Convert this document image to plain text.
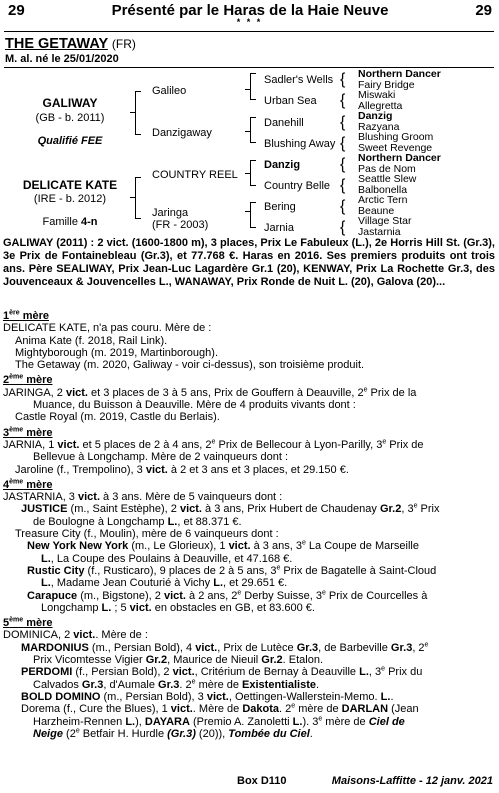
29	Présenté par le Haras de la Haie Neuve	29
* * *
THE GETAWAY (FR)
M. al. né le 25/01/2020
GALIWAY
(GB - b. 2011)
Qualifié FEE
DELICATE KATE
(IRE - b. 2012)
Famille 4-n
Galileo
Danzigaway
COUNTRY REEL
Jaringa
(FR - 2003)
Sadler's Wells
Urban Sea
Danehill
Blushing Away
Danzig
Country Belle
Bering
Jarnia
{
{
{
{
{
{
{
{
Northern Dancer
Fairy Bridge
Miswaki
Allegretta
Danzig
Razyana
Blushing Groom
Sweet Revenge
Northern Dancer
Pas de Nom
Seattle Slew
Balbonella
Arctic Tern
Beaune
Village Star
Jastarnia
GALIWAY (2011) : 2 vict. (1600-1800 m), 3 places, Prix Le Fabuleux (L.), 2e Horris Hill St. (Gr.3), 3e Prix de Fontainebleau (Gr.3), et 77.768 €. Haras en 2016. Ses premiers produits ont trois ans. Père SEALIWAY, Prix Jean-Luc Lagardère Gr.1 (20), KENWAY, Prix La Rochette Gr.3, des Jouvenceaux & Jouvencelles L., WANAWAY, Prix Ronde de Nuit L. (20), Galova (20)...
1ère mère
DELICATE KATE, n'a pas couru. Mère de :
Anima Kate (f. 2018, Rail Link).
Mightyborough (m. 2019, Martinborough).
The Getaway (m. 2020, Galiway - voir ci-dessus), son troisième produit.
2ème mère
JARINGA, 2 vict. et 3 places de 3 à 5 ans, Prix de Gouffern à Deauville, 2e Prix de la
Muance, du Buisson à Deauville. Mère de 4 produits vivants dont :
Castle Royal (m. 2019, Castle du Berlais).
3ème mère
JARNIA, 1 vict. et 5 places de 2 à 4 ans, 2e Prix de Bellecour à Lyon-Parilly, 3e Prix de
Bellevue à Longchamp. Mère de 2 vainqueurs dont :
Jaroline (f., Trempolino), 3 vict. à 2 et 3 ans et 3 places, et 29.150 €.
4ème mère
JASTARNIA, 3 vict. à 3 ans. Mère de 5 vainqueurs dont :
JUSTICE (m., Saint Estèphe), 2 vict. à 3 ans, Prix Hubert de Chaudenay Gr.2, 3e Prix
de Boulogne à Longchamp L., et 88.371 €.
Treasure City (f., Moulin), mère de 6 vainqueurs dont :
New York New York (m., Le Glorieux), 1 vict. à 3 ans, 3e La Coupe de Marseille
L., La Coupe des Poulains à Deauville, et 47.168 €.
Rustic City (f., Rusticaro), 9 places de 2 à 5 ans, 3e Prix de Bagatelle à Saint-Cloud
L., Madame Jean Couturié à Vichy L., et 29.651 €.
Carapuce (m., Bigstone), 2 vict. à 2 ans, 2e Derby Suisse, 3e Prix de Courcelles à
Longchamp L. ; 5 vict. en obstacles en GB, et 83.600 €.
5ème mère
DOMINICA, 2 vict.. Mère de :
MARDONIUS (m., Persian Bold), 4 vict., Prix de Lutèce Gr.3, de Barbeville Gr.3, 2e
Prix Vicomtesse Vigier Gr.2, Maurice de Nieuil Gr.2. Etalon.
PERDOMI (f., Persian Bold), 2 vict., Critérium de Bernay à Deauville L., 3e Prix du
Calvados Gr.3, d'Aumale Gr.3. 2e mère de Existentialiste.
BOLD DOMINO (m., Persian Bold), 3 vict., Oettingen-Wallerstein-Memo. L..
Dorema (f., Cure the Blues), 1 vict.. Mère de Dakota. 2e mère de DARLAN (Jean
Harzheim-Rennen L.), DAYARA (Premio A. Zanoletti L.). 3e mère de Ciel de
Neige (2e Betfair H. Hurdle (Gr.3) (20)), Tombée du Ciel.
Box D110	Maisons-Laffitte - 12 janv. 2021
